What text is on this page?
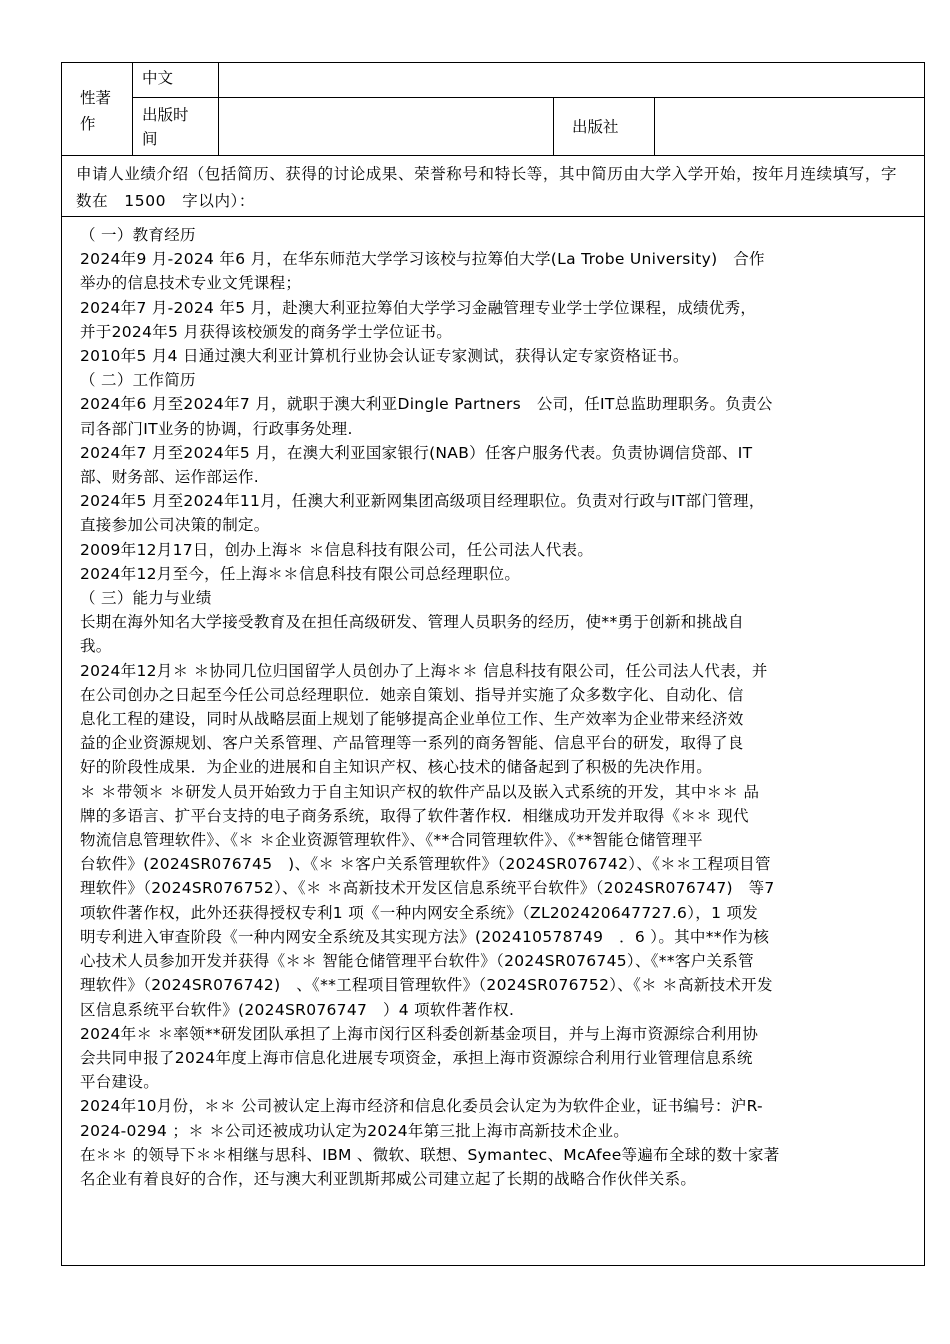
性著
作
中文
出版时
间
出版社
申请人业绩介绍（包括简历、获得的讨论成果、荣誉称号和特长等，其中简历由大学入学开始，按年月连续填写，字数在　1500　字以内）：

（ 一）教育经历

2024年9 月-2024 年6 月，在华东师范大学学习该校与拉筹伯大学(La Trobe University)　合作

举办的信息技术专业文凭课程；

2024年7 月-2024 年5 月，赴澳大利亚拉筹伯大学学习金融管理专业学士学位课程，成绩优秀，

并于2024年5 月获得该校颁发的商务学士学位证书。

2010年5 月4 日通过澳大利亚计算机行业协会认证专家测试，获得认定专家资格证书。

（ 二）工作简历

2024年6 月至2024年7 月，就职于澳大利亚Dingle Partners　公司，任IT总监助理职务。负责公

司各部门IT业务的协调，行政事务处理.

2024年7 月至2024年5 月，在澳大利亚国家银行(NAB）任客户服务代表。负责协调信贷部、IT

部、财务部、运作部运作.

2024年5 月至2024年11月，任澳大利亚新网集团高级项目经理职位。负责对行政与IT部门管理，

直接参加公司决策的制定。

2009年12月17日，创办上海＊ ＊信息科技有限公司，任公司法人代表。

2024年12月至今，任上海＊＊信息科技有限公司总经理职位。

（ 三）能力与业绩

长期在海外知名大学接受教育及在担任高级研发、管理人员职务的经历，使**勇于创新和挑战自

我。

2024年12月＊ ＊协同几位归国留学人员创办了上海＊＊ 信息科技有限公司，任公司法人代表，并

在公司创办之日起至今任公司总经理职位．她亲自策划、指导并实施了众多数字化、自动化、信

息化工程的建设，同时从战略层面上规划了能够提高企业单位工作、生产效率为企业带来经济效

益的企业资源规划、客户关系管理、产品管理等一系列的商务智能、信息平台的研发，取得了良

好的阶段性成果．为企业的进展和自主知识产权、核心技术的储备起到了积极的先决作用。

＊ ＊带领＊ ＊研发人员开始致力于自主知识产权的软件产品以及嵌入式系统的开发，其中＊＊ 品

牌的多语言、扩平台支持的电子商务系统，取得了软件著作权．相继成功开发并取得《＊＊ 现代

物流信息管理软件》、《＊ ＊企业资源管理软件》、《**合同管理软件》、《**智能仓储管理平

台软件》(2024SR076745　)、《＊ ＊客户关系管理软件》（2024SR076742）、《＊＊工程项目管

理软件》（2024SR076752）、《＊ ＊高新技术开发区信息系统平台软件》（2024SR076747)　等7

项软件著作权，此外还获得授权专利1 项《一种内网安全系统》（ZL202420647727.6），1 项发

明专利进入审查阶段《一种内网安全系统及其实现方法》(202410578749　．6 ）。其中**作为核

心技术人员参加开发并获得《＊＊ 智能仓储管理平台软件》（2024SR076745）、《**客户关系管

理软件》（2024SR076742)　、《**工程项目管理软件》（2024SR076752）、《＊ ＊高新技术开发

区信息系统平台软件》(2024SR076747　）4 项软件著作权.

2024年＊ ＊率领**研发团队承担了上海市闵行区科委创新基金项目，并与上海市资源综合利用协

会共同申报了2024年度上海市信息化进展专项资金，承担上海市资源综合利用行业管理信息系统

平台建设。

2024年10月份，＊＊ 公司被认定上海市经济和信息化委员会认定为为软件企业，证书编号：沪R-

2024-0294 ；＊ ＊公司还被成功认定为2024年第三批上海市高新技术企业。

在＊＊ 的领导下＊＊相继与思科、IBM 、微软、联想、Symantec、McAfee等遍布全球的数十家著

名企业有着良好的合作，还与澳大利亚凯斯邦威公司建立起了长期的战略合作伙伴关系。
